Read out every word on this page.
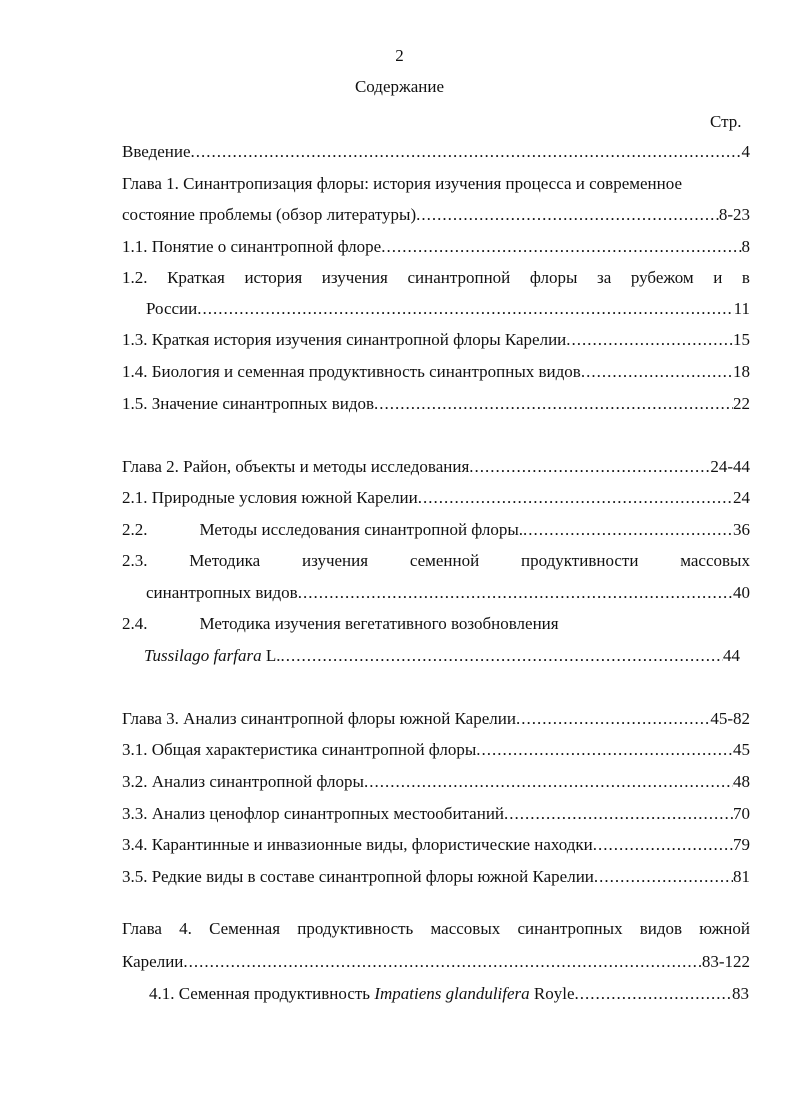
2
Содержание
Стр.
Введение .....	4
Глава 1. Синантропизация флоры: история изучения процесса и современное
состояние проблемы (обзор литературы) .....	8-23
1.1. Понятие о синантропной флоре .....	8
1.2. Краткая история изучения синантропной флоры за рубежом и в
России .....	11
1.3. Краткая история изучения синантропной флоры Карелии .....	15
1.4. Биология и семенная продуктивность синантропных видов .....	18
1.5. Значение синантропных видов .....	22
Глава 2. Район, объекты и методы исследования .....	24-44
2.1. Природные условия южной Карелии .....	24
2.2.	Методы исследования синантропной флоры. .....	36
2.3. Методика изучения семенной продуктивности массовых
синантропных видов .....	40
2.4.	Методика изучения вегетативного возобновления
Tussilago farfara L. .....	44
Глава 3. Анализ синантропной флоры южной Карелии .....	45-82
3.1. Общая характеристика синантропной флоры .....	45
3.2. Анализ синантропной флоры .....	48
3.3. Анализ ценофлор синантропных местообитаний .....	70
3.4. Карантинные и инвазионные виды, флористические находки .....	79
3.5. Редкие виды в составе синантропной флоры южной Карелии .....	81
Глава 4. Семенная продуктивность массовых синантропных видов южной
Карелии .....	83-122
4.1. Семенная продуктивность Impatiens glandulifera Royle .....	83
